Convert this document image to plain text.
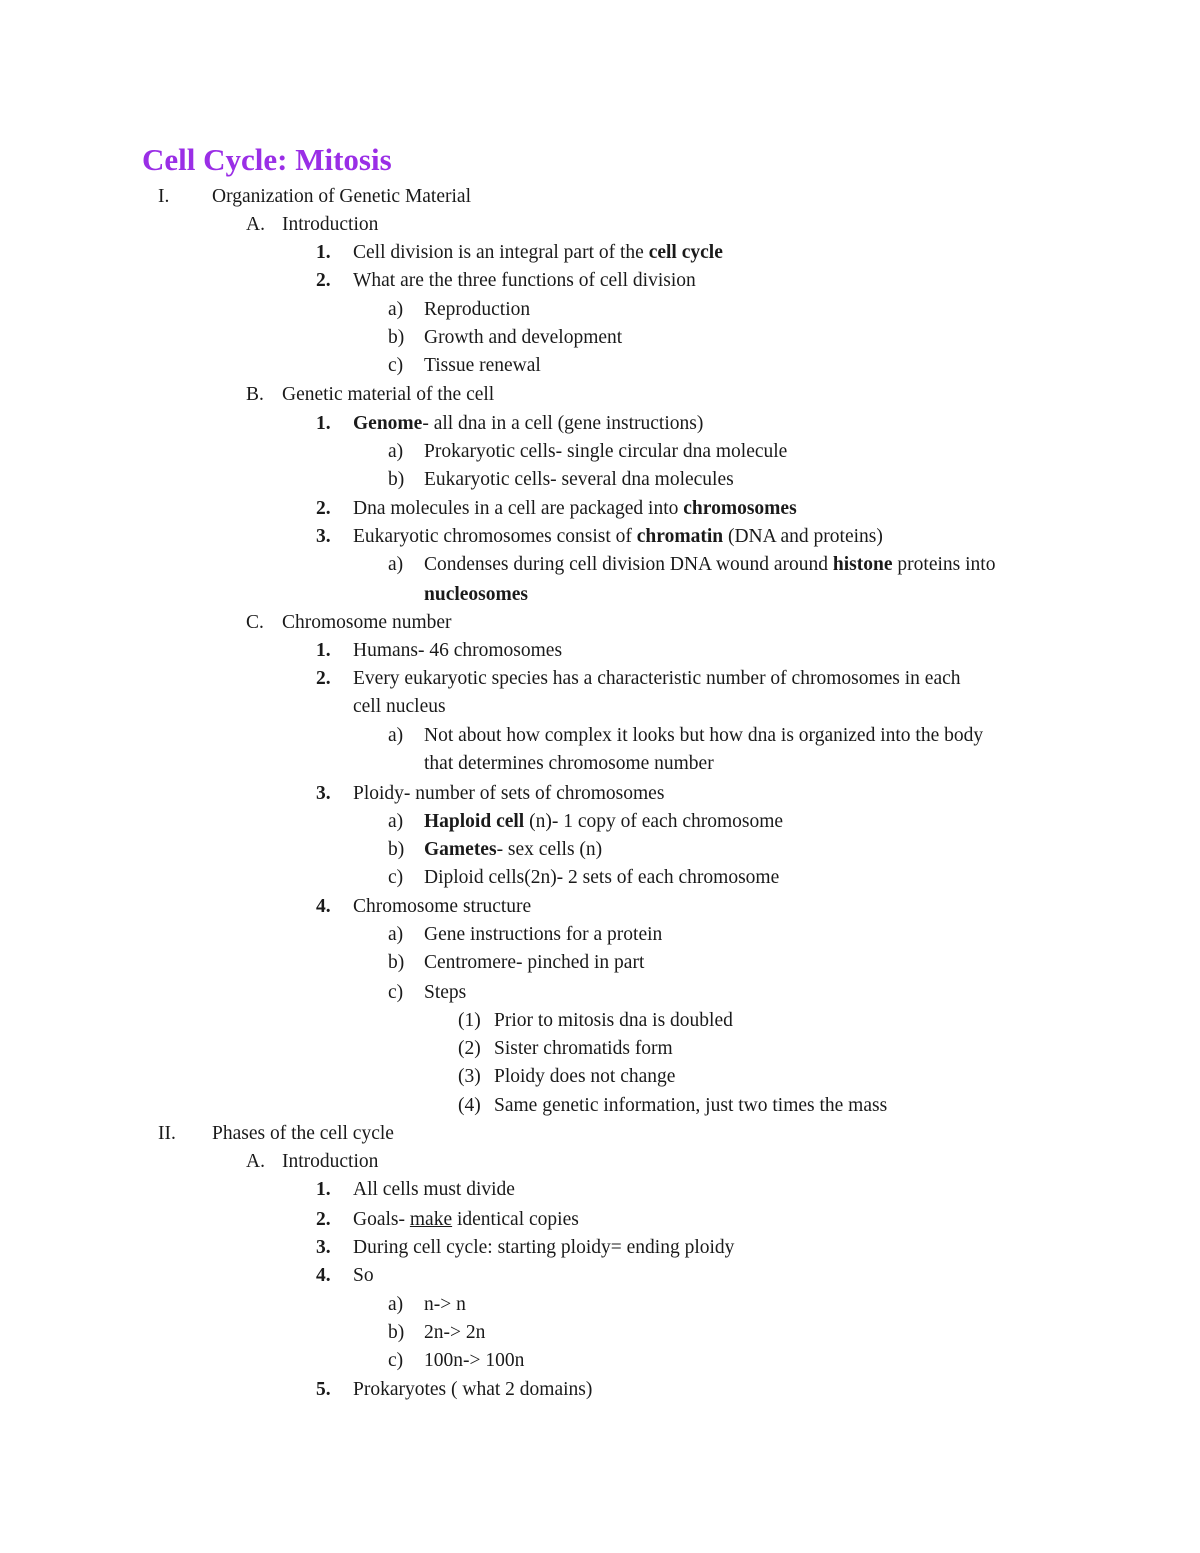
Cell Cycle: Mitosis
I. Organization of Genetic Material
A. Introduction
1. Cell division is an integral part of the cell cycle
2. What are the three functions of cell division
a) Reproduction
b) Growth and development
c) Tissue renewal
B. Genetic material of the cell
1. Genome- all dna in a cell (gene instructions)
a) Prokaryotic cells- single circular dna molecule
b) Eukaryotic cells- several dna molecules
2. Dna molecules in a cell are packaged into chromosomes
3. Eukaryotic chromosomes consist of chromatin (DNA and proteins)
a) Condenses during cell division DNA wound around histone proteins into
nucleosomes
C. Chromosome number
1. Humans- 46 chromosomes
2. Every eukaryotic species has a characteristic number of chromosomes in each
cell nucleus
a) Not about how complex it looks but how dna is organized into the body
that determines chromosome number
3. Ploidy- number of sets of chromosomes
a) Haploid cell (n)- 1 copy of each chromosome
b) Gametes- sex cells (n)
c) Diploid cells(2n)- 2 sets of each chromosome
4. Chromosome structure
a) Gene instructions for a protein
b) Centromere- pinched in part
c) Steps
(1) Prior to mitosis dna is doubled
(2) Sister chromatids form
(3) Ploidy does not change
(4) Same genetic information, just two times the mass
II. Phases of the cell cycle
A. Introduction
1. All cells must divide
2. Goals- make identical copies
3. During cell cycle: starting ploidy= ending ploidy
4. So
a) n-> n
b) 2n-> 2n
c) 100n-> 100n
5. Prokaryotes ( what 2 domains)
